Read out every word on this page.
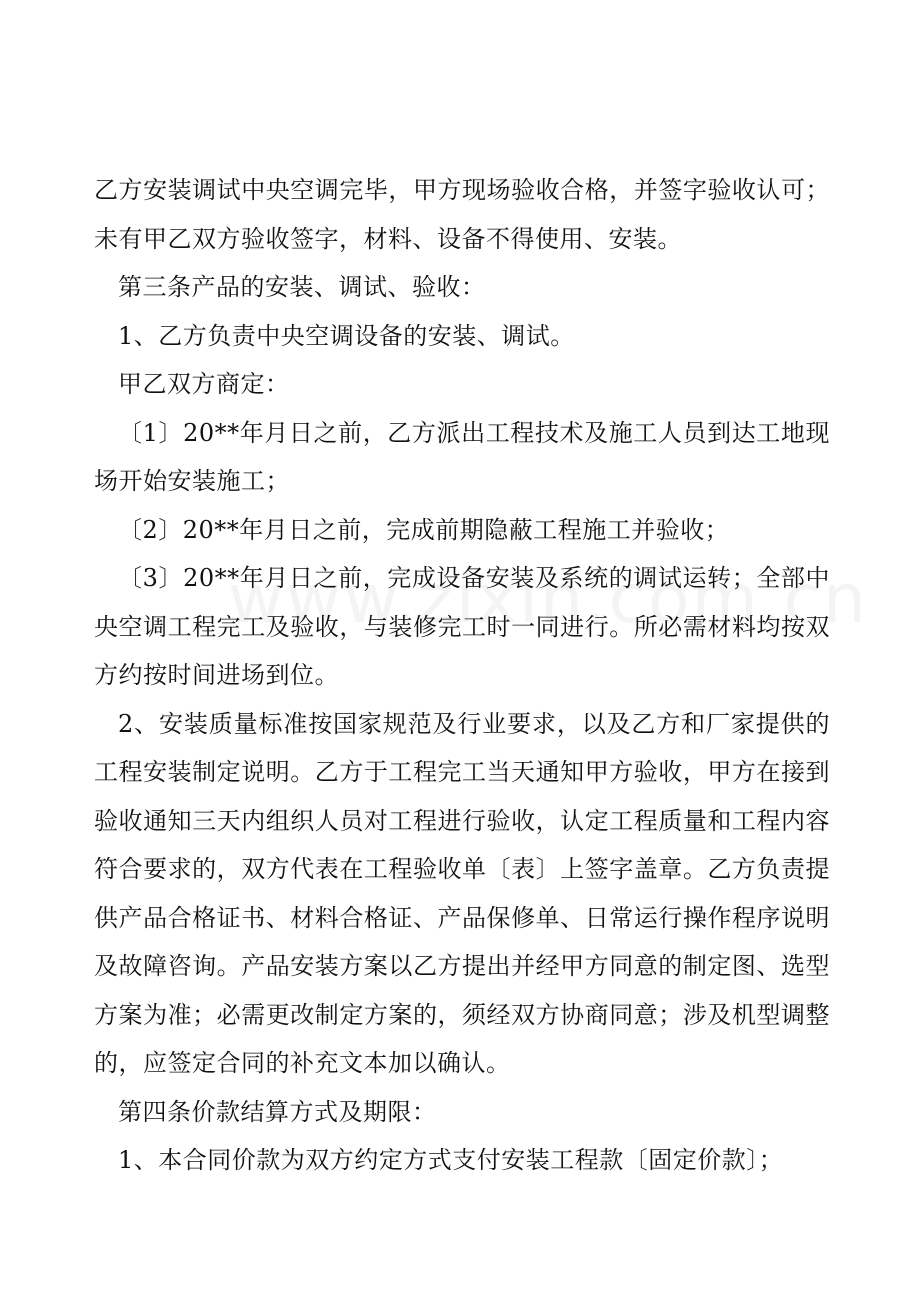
乙方安装调试中央空调完毕，甲方现场验收合格，并签字验收认可；未有甲乙双方验收签字，材料、设备不得使用、安装。

第三条产品的安装、调试、验收：

1、乙方负责中央空调设备的安装、调试。

甲乙双方商定：

〔1〕20**年月日之前，乙方派出工程技术及施工人员到达工地现场开始安装施工；

〔2〕20**年月日之前，完成前期隐蔽工程施工并验收；

〔3〕20**年月日之前，完成设备安装及系统的调试运转；全部中央空调工程完工及验收，与装修完工时一同进行。所必需材料均按双方约按时间进场到位。

2、安装质量标准按国家规范及行业要求，以及乙方和厂家提供的工程安装制定说明。乙方于工程完工当天通知甲方验收，甲方在接到验收通知三天内组织人员对工程进行验收，认定工程质量和工程内容符合要求的，双方代表在工程验收单〔表〕上签字盖章。乙方负责提供产品合格证书、材料合格证、产品保修单、日常运行操作程序说明及故障咨询。产品安装方案以乙方提出并经甲方同意的制定图、选型方案为准；必需更改制定方案的，须经双方协商同意；涉及机型调整的，应签定合同的补充文本加以确认。

第四条价款结算方式及期限：

1、本合同价款为双方约定方式支付安装工程款〔固定价款〕；
